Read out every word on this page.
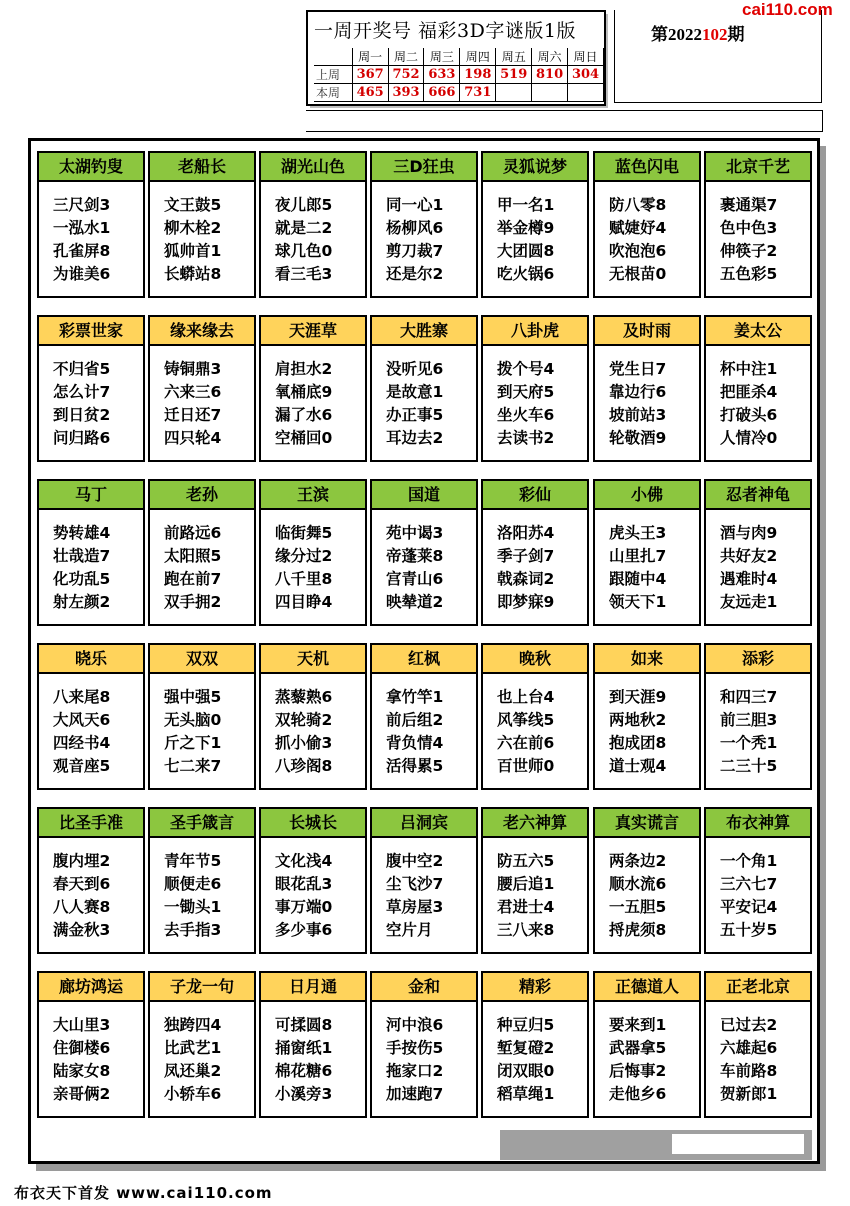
一周开奖号 福彩3D字谜版1版
	周一	周二	周三	周四	周五	周六	周日
上周	367	752	633	198	519	810	304
本周	465	393	666	731			
第2022102期
cai110.com
太湖钓叟
三尺剑3
一泓水1
孔雀屏8
为谁美6
老船长
文王鼓5
柳木栓2
狐帅首1
长蟒站8
湖光山色
夜儿郎5
就是二2
球几色0
看三毛3
三D狂虫
同一心1
杨柳风6
剪刀裁7
还是尔2
灵狐说梦
甲一名1
举金樽9
大团圆8
吃火锅6
蓝色闪电
防八零8
赋婕妤4
吹泡泡6
无根苗0
北京千艺
裹通渠7
色中色3
伸筷子2
五色彩5
彩票世家
不归省5
怎么计7
到日贫2
问归路6
缘来缘去
铸铜鼎3
六来三6
迁日还7
四只轮4
天涯草
肩担水2
氧桶底9
漏了水6
空桶回0
大胜寨
没听见6
是故意1
办正事5
耳边去2
八卦虎
拨个号4
到天府5
坐火车6
去读书2
及时雨
党生日7
靠边行6
坡前站3
轮敬酒9
姜太公
杯中注1
把匪杀4
打破头6
人情冷0
马丁
势转雄4
壮哉造7
化功乱5
射左颜2
老孙
前路远6
太阳照5
跑在前7
双手拥2
王滨
临街舞5
缘分过2
八千里8
四目睁4
国道
苑中谒3
帝蓬莱8
宫青山6
映辇道2
彩仙
洛阳苏4
季子剑7
戟森词2
即梦寐9
小佛
虎头王3
山里扎7
跟随中4
领天下1
忍者神龟
酒与肉9
共好友2
遇难时4
友远走1
晓乐
八来尾8
大风天6
四经书4
观音座5
双双
强中强5
无头脑0
斤之下1
七二来7
天机
蒸藜熟6
双轮骑2
抓小偷3
八珍阁8
红枫
拿竹竿1
前后组2
背负情4
活得累5
晚秋
也上台4
风筝线5
六在前6
百世师0
如来
到天涯9
两地秋2
抱成团8
道士观4
添彩
和四三7
前三胆3
一个秃1
二三十5
比圣手准
腹内埋2
春天到6
八人赛8
满金秋3
圣手箴言
青年节5
顺便走6
一锄头1
去手指3
长城长
文化浅4
眼花乱3
事万端0
多少事6
吕洞宾
腹中空2
尘飞沙7
草房屋3
空片月
老六神算
防五六5
腰后追1
君进士4
三八来8
真实谎言
两条边2
顺水流6
一五胆5
捋虎须8
布衣神算
一个角1
三六七7
平安记4
五十岁5
廊坊鸿运
大山里3
住御楼6
陆家女8
亲哥俩2
子龙一句
独跨四4
比武艺1
凤还巢2
小轿车6
日月通
可揉圆8
捅窗纸1
棉花糖6
小溪旁3
金和
河中浪6
手按伤5
拖家口2
加速跑7
精彩
种豆归5
堑复磴2
闭双眼0
稻草绳1
正德道人
要来到1
武器拿5
后悔事2
走他乡6
正老北京
已过去2
六雄起6
车前路8
贺新郎1
布衣天下首发 www.cai110.com
